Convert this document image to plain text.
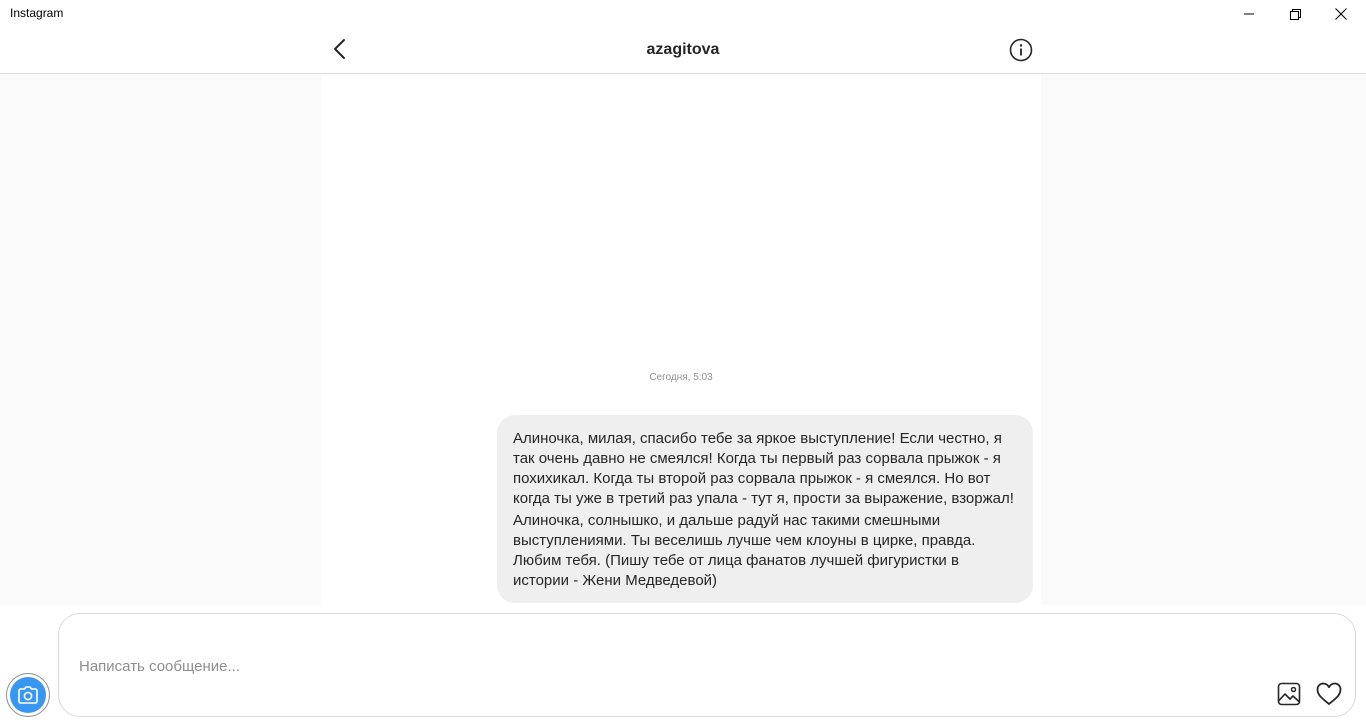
Instagram
azagitova
Сегодня, 5:03

Алиночка, милая, спасибо тебе за яркое выступление! Если честно, я так очень давно не смеялся! Когда ты первый раз сорвала прыжок - я похихикал. Когда ты второй раз сорвала прыжок - я смеялся. Но вот когда ты уже в третий раз упала - тут я, прости за выражение, взоржал!

Алиночка, солнышко, и дальше радуй нас такими смешными выступлениями. Ты веселишь лучше чем клоуны в цирке, правда. Любим тебя. (Пишу тебе от лица фанатов лучшей фигуристки в истории - Жени Медведевой)

Написать сообщение...
